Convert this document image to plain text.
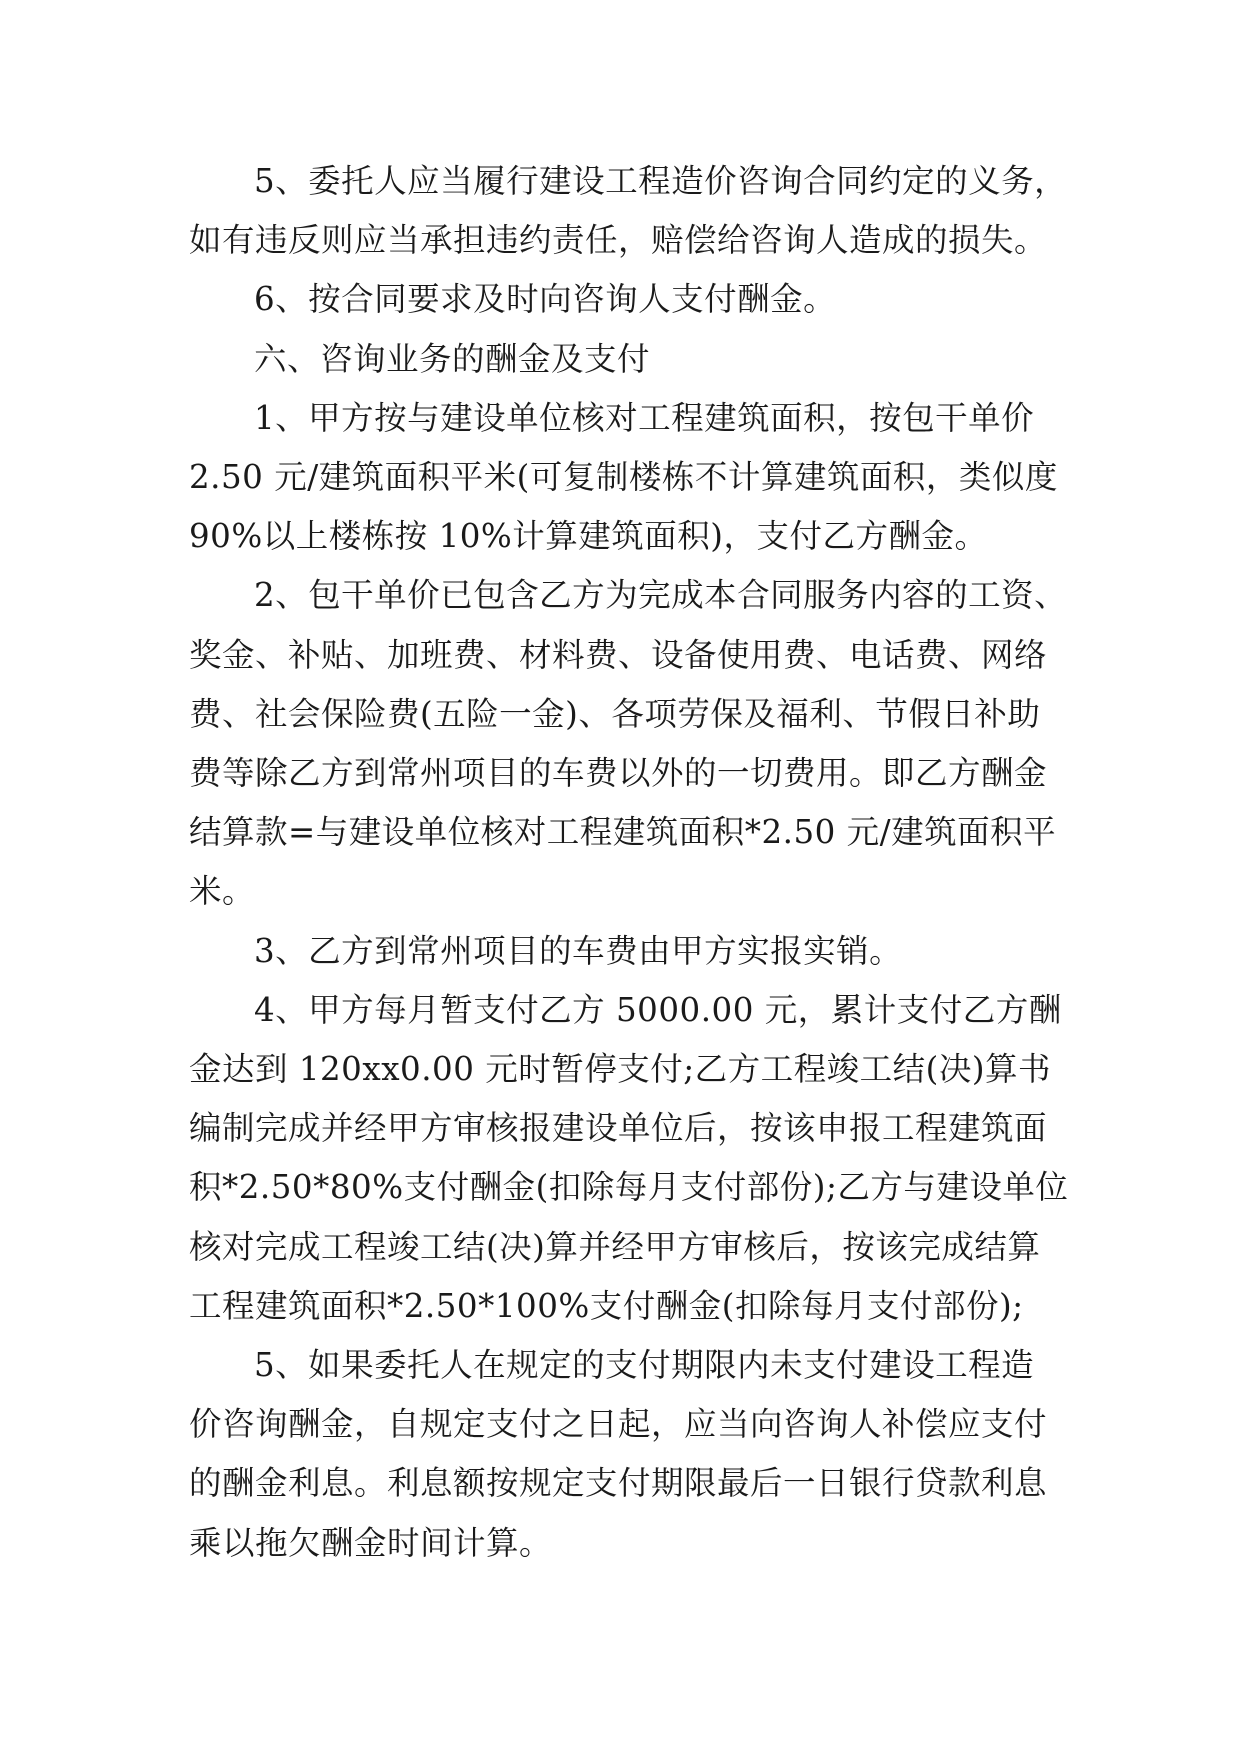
5、委托人应当履行建设工程造价咨询合同约定的义务，
如有违反则应当承担违约责任，赔偿给咨询人造成的损失。

6、按合同要求及时向咨询人支付酬金。

六、咨询业务的酬金及支付

1、甲方按与建设单位核对工程建筑面积，按包干单价
2.50 元/建筑面积平米(可复制楼栋不计算建筑面积，类似度
90%以上楼栋按 10%计算建筑面积)，支付乙方酬金。

2、包干单价已包含乙方为完成本合同服务内容的工资、
奖金、补贴、加班费、材料费、设备使用费、电话费、网络
费、社会保险费(五险一金)、各项劳保及福利、节假日补助
费等除乙方到常州项目的车费以外的一切费用。即乙方酬金
结算款=与建设单位核对工程建筑面积*2.50 元/建筑面积平
米。

3、乙方到常州项目的车费由甲方实报实销。

4、甲方每月暂支付乙方 5000.00 元，累计支付乙方酬
金达到 120xx0.00 元时暂停支付;乙方工程竣工结(决)算书
编制完成并经甲方审核报建设单位后，按该申报工程建筑面
积*2.50*80%支付酬金(扣除每月支付部份);乙方与建设单位
核对完成工程竣工结(决)算并经甲方审核后，按该完成结算
工程建筑面积*2.50*100%支付酬金(扣除每月支付部份);

5、如果委托人在规定的支付期限内未支付建设工程造
价咨询酬金，自规定支付之日起，应当向咨询人补偿应支付
的酬金利息。利息额按规定支付期限最后一日银行贷款利息
乘以拖欠酬金时间计算。
